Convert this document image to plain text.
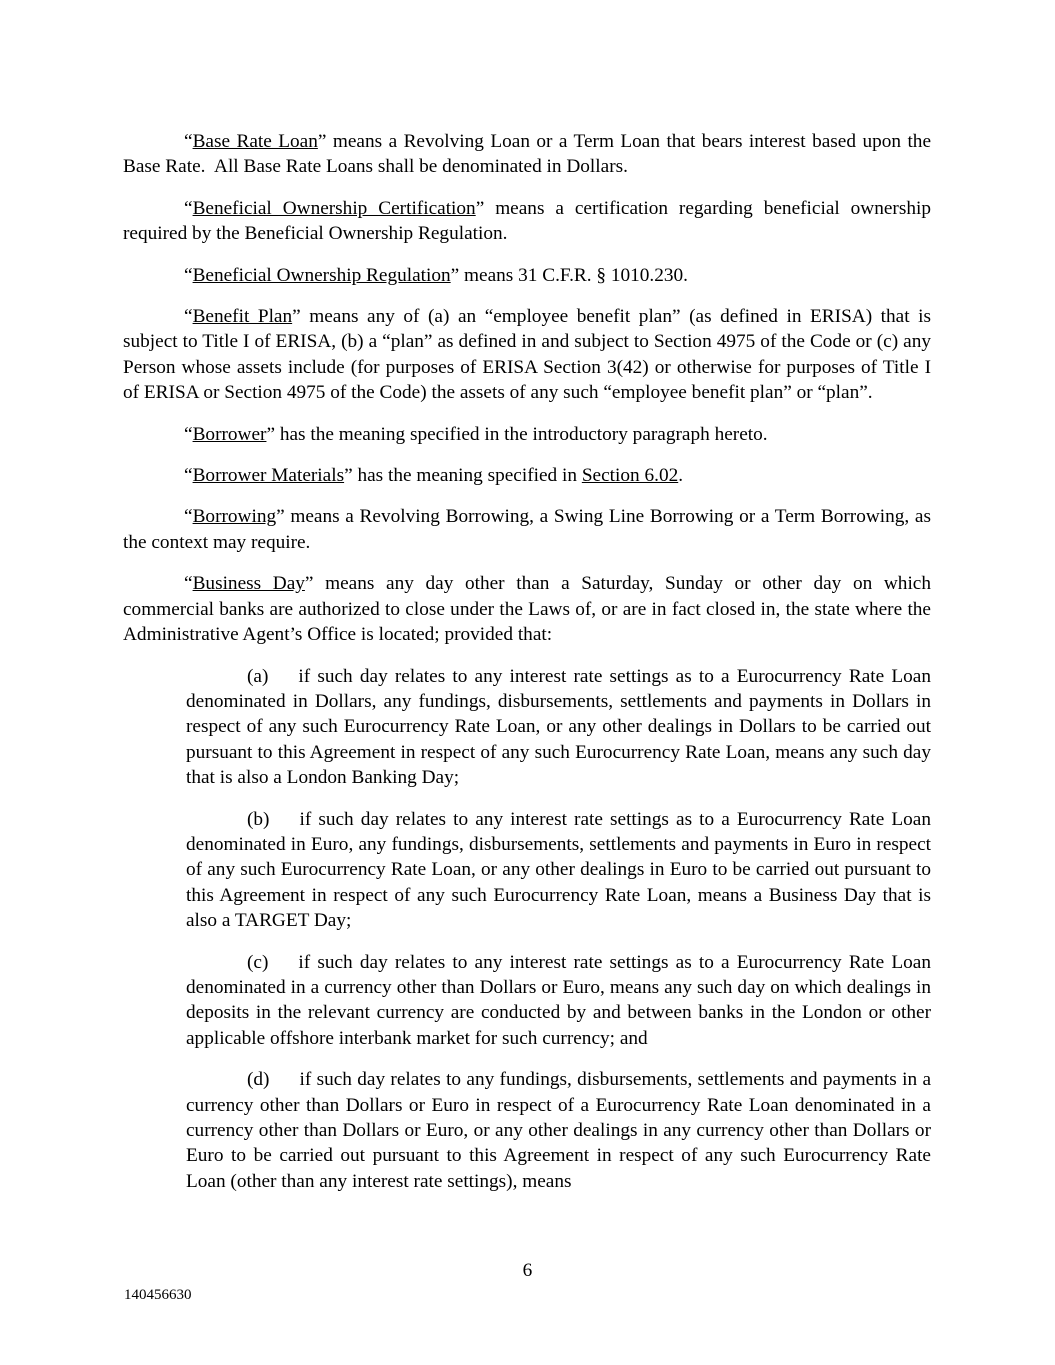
“Base Rate Loan” means a Revolving Loan or a Term Loan that bears interest based upon the Base Rate.  All Base Rate Loans shall be denominated in Dollars.

“Beneficial Ownership Certification” means a certification regarding beneficial ownership required by the Beneficial Ownership Regulation.

“Beneficial Ownership Regulation” means 31 C.F.R. § 1010.230.

“Benefit Plan” means any of (a) an “employee benefit plan” (as defined in ERISA) that is subject to Title I of ERISA, (b) a “plan” as defined in and subject to Section 4975 of the Code or (c) any Person whose assets include (for purposes of ERISA Section 3(42) or otherwise for purposes of Title I of ERISA or Section 4975 of the Code) the assets of any such “employee benefit plan” or “plan”.

“Borrower” has the meaning specified in the introductory paragraph hereto.

“Borrower Materials” has the meaning specified in Section 6.02.

“Borrowing” means a Revolving Borrowing, a Swing Line Borrowing or a Term Borrowing, as the context may require.

“Business Day” means any day other than a Saturday, Sunday or other day on which commercial banks are authorized to close under the Laws of, or are in fact closed in, the state where the Administrative Agent’s Office is located; provided that:

(a) if such day relates to any interest rate settings as to a Eurocurrency Rate Loan denominated in Dollars, any fundings, disbursements, settlements and payments in Dollars in respect of any such Eurocurrency Rate Loan, or any other dealings in Dollars to be carried out pursuant to this Agreement in respect of any such Eurocurrency Rate Loan, means any such day that is also a London Banking Day;

(b) if such day relates to any interest rate settings as to a Eurocurrency Rate Loan denominated in Euro, any fundings, disbursements, settlements and payments in Euro in respect of any such Eurocurrency Rate Loan, or any other dealings in Euro to be carried out pursuant to this Agreement in respect of any such Eurocurrency Rate Loan, means a Business Day that is also a TARGET Day;

(c) if such day relates to any interest rate settings as to a Eurocurrency Rate Loan denominated in a currency other than Dollars or Euro, means any such day on which dealings in deposits in the relevant currency are conducted by and between banks in the London or other applicable offshore interbank market for such currency; and

(d) if such day relates to any fundings, disbursements, settlements and payments in a currency other than Dollars or Euro in respect of a Eurocurrency Rate Loan denominated in a currency other than Dollars or Euro, or any other dealings in any currency other than Dollars or Euro to be carried out pursuant to this Agreement in respect of any such Eurocurrency Rate Loan (other than any interest rate settings), means

6
140456630
